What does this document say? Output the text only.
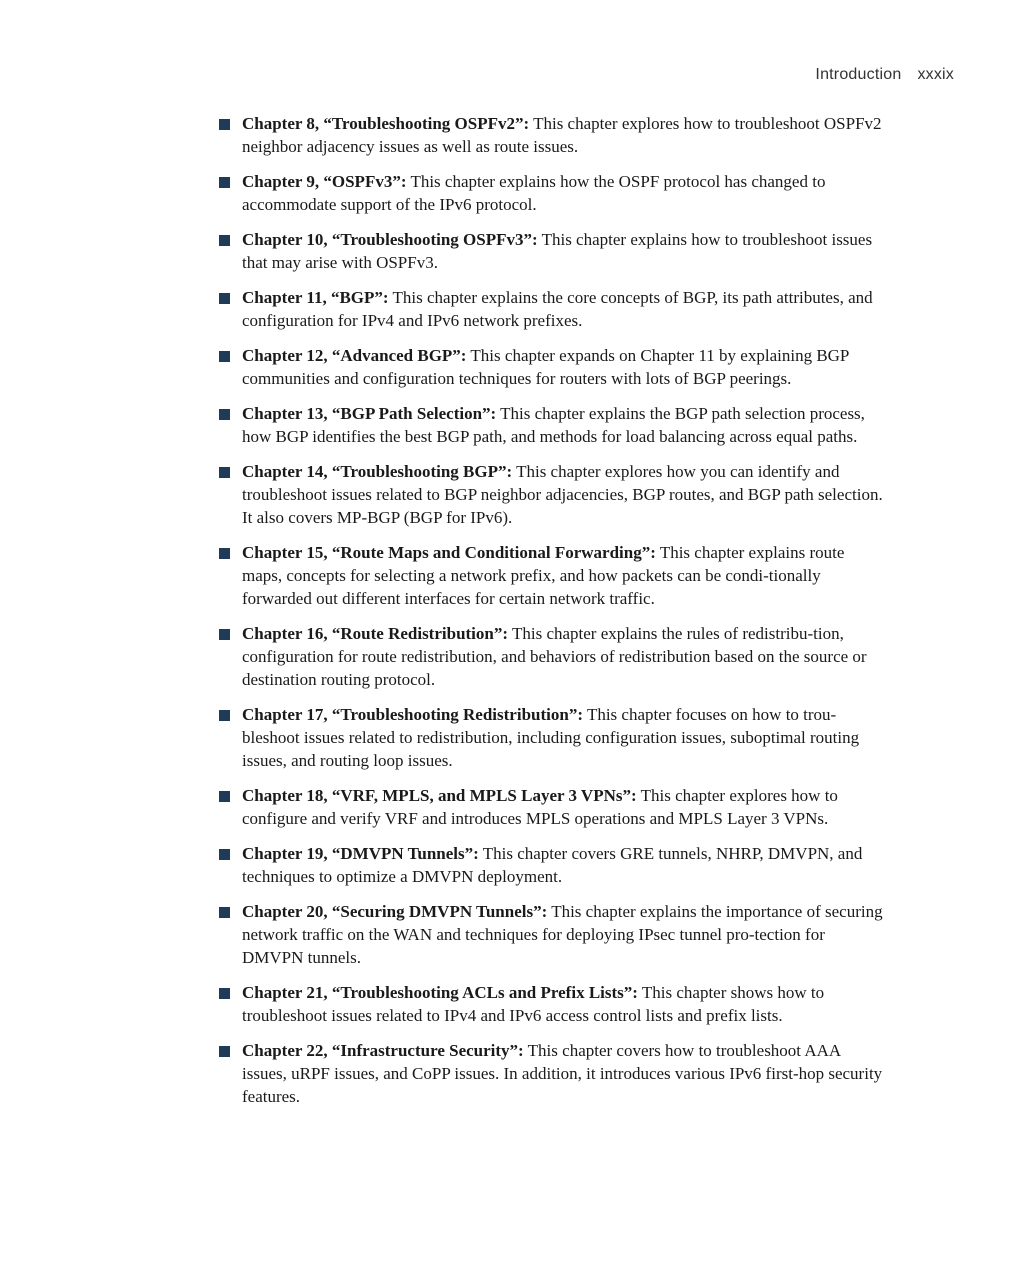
Introduction xxxix
Chapter 8, “Troubleshooting OSPFv2”: This chapter explores how to troubleshoot OSPFv2 neighbor adjacency issues as well as route issues.
Chapter 9, “OSPFv3”: This chapter explains how the OSPF protocol has changed to accommodate support of the IPv6 protocol.
Chapter 10, “Troubleshooting OSPFv3”: This chapter explains how to troubleshoot issues that may arise with OSPFv3.
Chapter 11, “BGP”: This chapter explains the core concepts of BGP, its path attributes, and configuration for IPv4 and IPv6 network prefixes.
Chapter 12, “Advanced BGP”: This chapter expands on Chapter 11 by explaining BGP communities and configuration techniques for routers with lots of BGP peerings.
Chapter 13, “BGP Path Selection”: This chapter explains the BGP path selection process, how BGP identifies the best BGP path, and methods for load balancing across equal paths.
Chapter 14, “Troubleshooting BGP”: This chapter explores how you can identify and troubleshoot issues related to BGP neighbor adjacencies, BGP routes, and BGP path selection. It also covers MP-BGP (BGP for IPv6).
Chapter 15, “Route Maps and Conditional Forwarding”: This chapter explains route maps, concepts for selecting a network prefix, and how packets can be condi-tionally forwarded out different interfaces for certain network traffic.
Chapter 16, “Route Redistribution”: This chapter explains the rules of redistribu-tion, configuration for route redistribution, and behaviors of redistribution based on the source or destination routing protocol.
Chapter 17, “Troubleshooting Redistribution”: This chapter focuses on how to trou-bleshoot issues related to redistribution, including configuration issues, suboptimal routing issues, and routing loop issues.
Chapter 18, “VRF, MPLS, and MPLS Layer 3 VPNs”: This chapter explores how to configure and verify VRF and introduces MPLS operations and MPLS Layer 3 VPNs.
Chapter 19, “DMVPN Tunnels”: This chapter covers GRE tunnels, NHRP, DMVPN, and techniques to optimize a DMVPN deployment.
Chapter 20, “Securing DMVPN Tunnels”: This chapter explains the importance of securing network traffic on the WAN and techniques for deploying IPsec tunnel pro-tection for DMVPN tunnels.
Chapter 21, “Troubleshooting ACLs and Prefix Lists”: This chapter shows how to troubleshoot issues related to IPv4 and IPv6 access control lists and prefix lists.
Chapter 22, “Infrastructure Security”: This chapter covers how to troubleshoot AAA issues, uRPF issues, and CoPP issues. In addition, it introduces various IPv6 first-hop security features.
